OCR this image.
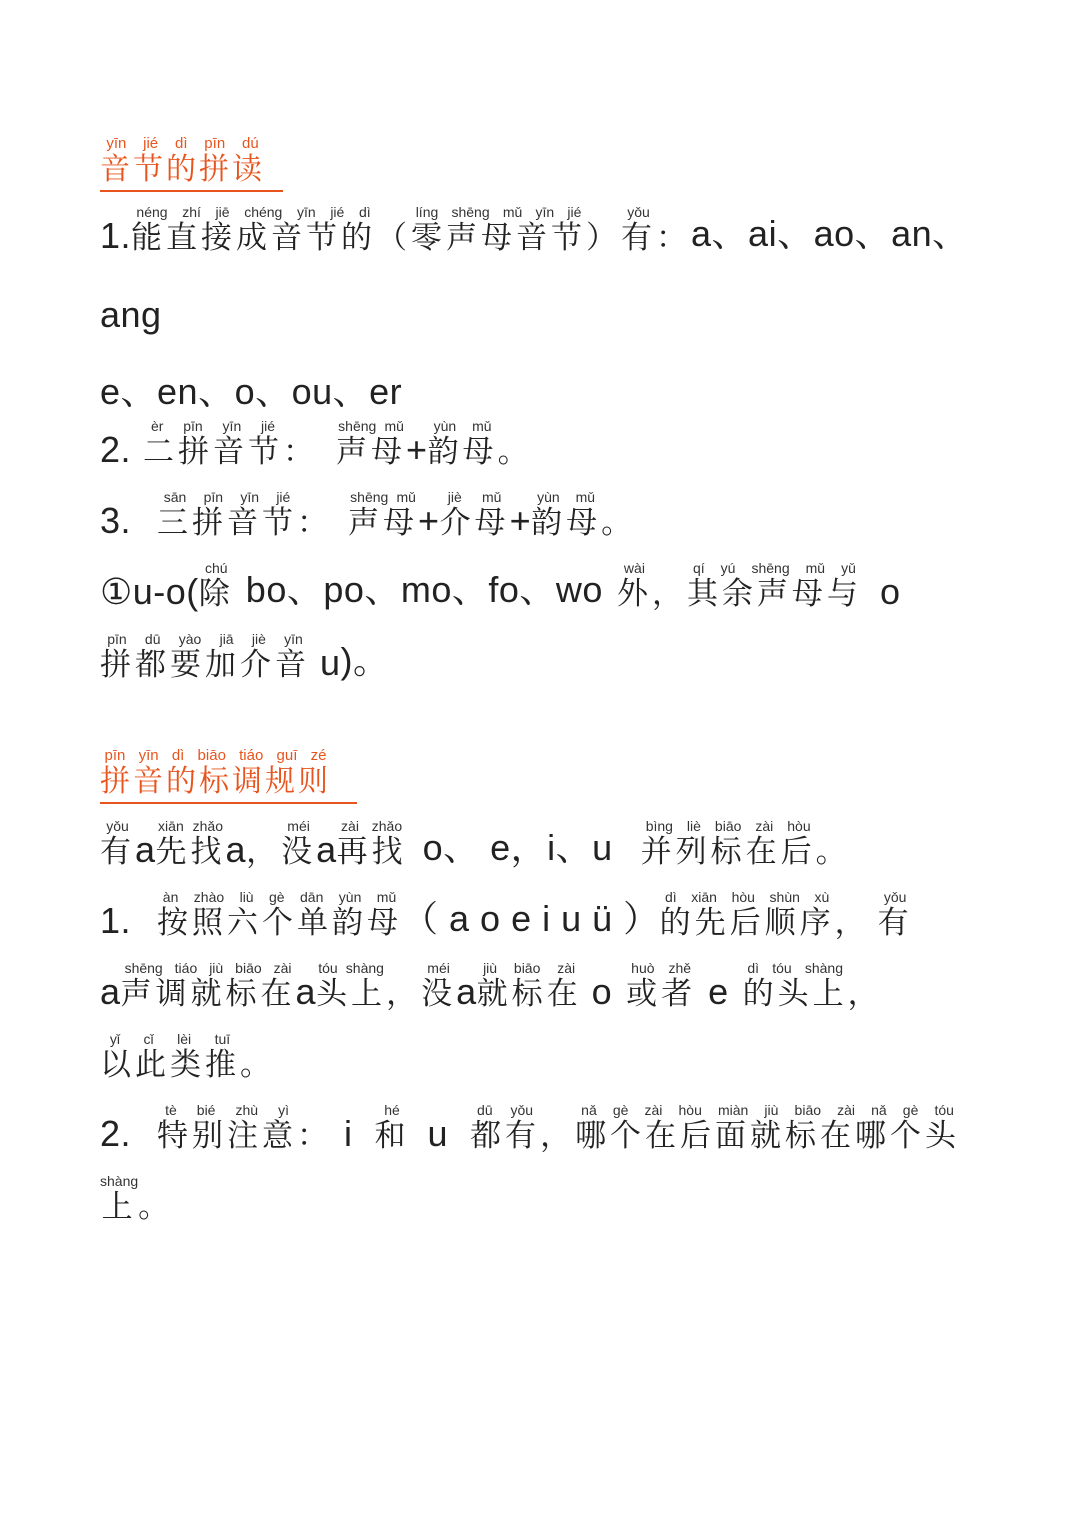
音节的拼读yīn jié dì pīn dú
1. 能直接成音节的néng zhí jiē chéng yīn jié dì
（ 零声母音节líng shēng mǔ yīn jié
） 有yǒu
： a、ai、ao、an、
ang
e、en、o、ou、er
2. 二拼音节èr pīn yīn jié
： 声母shēng mǔ
+ 韵母yùn mǔ
。
3. 三拼音节sān pīn yīn jié
： 声母shēng mǔ
+ 介母jiè mǔ
+ 韵母yùn mǔ
。
①u-o( 除chú
bo、po、mo、fo、wo 外wài
， 其余声母与qí yú shēng mǔ yǔ
o
拼都要加介音pīn dū yào jiā jiè yīn
u )。
拼音的标调规则pīn yīn dì biāo tiáo guī zé
有yǒu
a 先找xiān zhǎo
a ， 没méi
a 再找zài zhǎo
o、 e，i、u 并列标在后bìng liè biāo zài hòu
。
1. 按照六个单韵母àn zhào liù gè dān yùn mǔ
（ a o e i u ü ） 的先后顺序dì xiān hòu shùn xù
， 有yǒu
a 声调就标在shēng tiáo jiù biāo zài
a 头上tóu shàng
， 没méi
a 就标在jiù biāo zài
o 或者huò zhě
e 的头上dì tóu shàng
，
以此类推yǐ cǐ lèi tuī
。
2. 特别注意tè bié zhù yì
： i 和hé
u 都有dū yǒu
， 哪个在后面就标在哪个头nǎ gè zài hòu miàn jiù biāo zài nǎ gè tóu
上shàng
。
